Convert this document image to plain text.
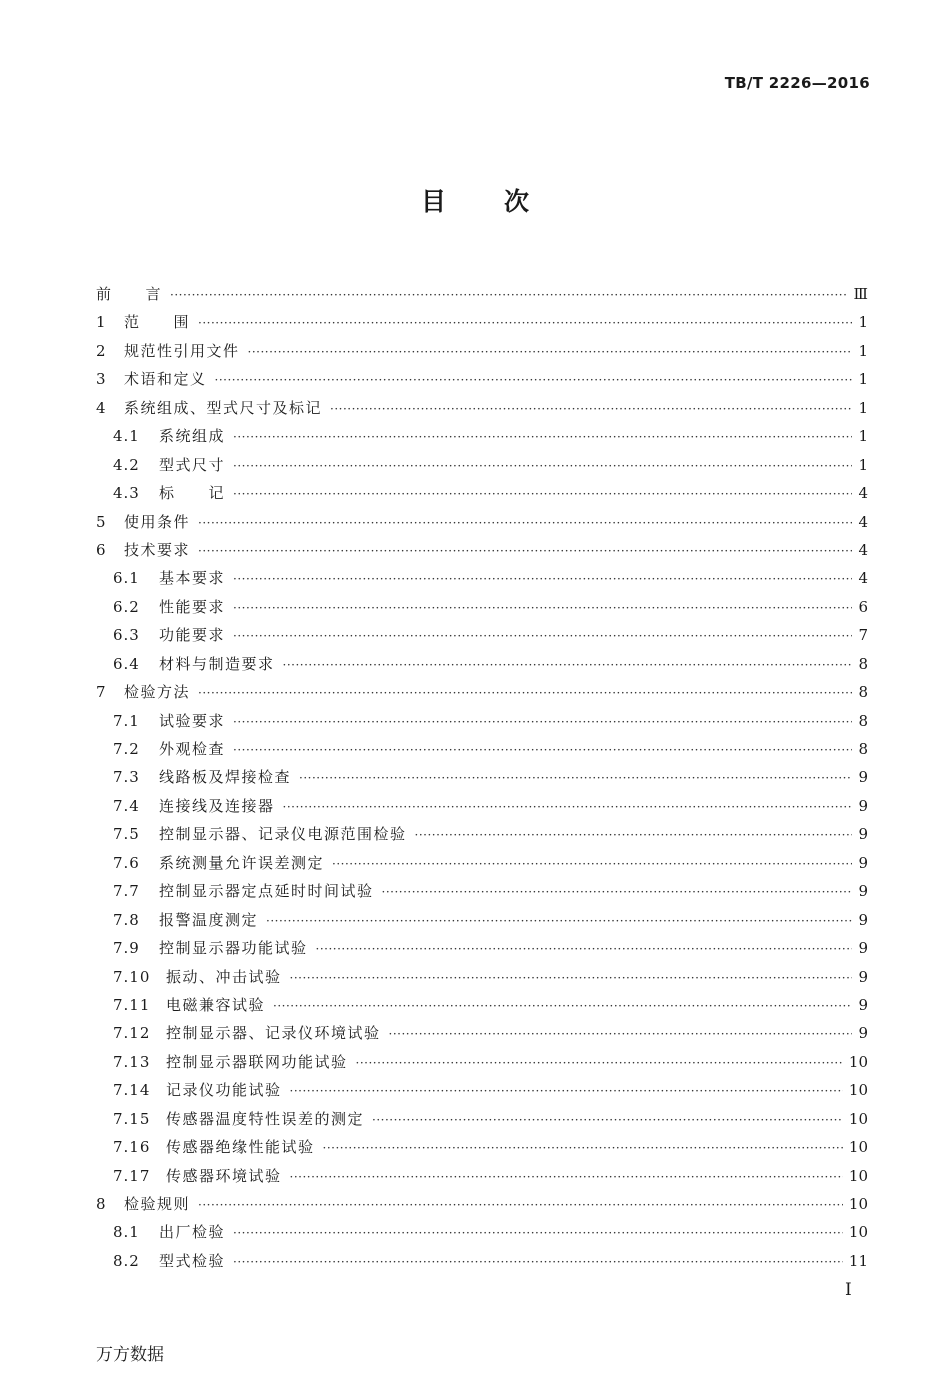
TB/T 2226—2016
目 次
前　　言 ·····	Ⅲ
1	范　　围 ·····	1
2	规范性引用文件 ·····	1
3	术语和定义 ·····	1
4	系统组成、型式尺寸及标记 ·····	1
4.1	系统组成 ·····	1
4.2	型式尺寸 ·····	1
4.3	标　　记 ·····	4
5	使用条件 ·····	4
6	技术要求 ·····	4
6.1	基本要求 ·····	4
6.2	性能要求 ·····	6
6.3	功能要求 ·····	7
6.4	材料与制造要求 ·····	8
7	检验方法 ·····	8
7.1	试验要求 ·····	8
7.2	外观检查 ·····	8
7.3	线路板及焊接检查 ·····	9
7.4	连接线及连接器 ·····	9
7.5	控制显示器、记录仪电源范围检验 ·····	9
7.6	系统测量允许误差测定 ·····	9
7.7	控制显示器定点延时时间试验 ·····	9
7.8	报警温度测定 ·····	9
7.9	控制显示器功能试验 ·····	9
7.10	振动、冲击试验 ·····	9
7.11	电磁兼容试验 ·····	9
7.12	控制显示器、记录仪环境试验 ·····	9
7.13	控制显示器联网功能试验 ·····	10
7.14	记录仪功能试验 ·····	10
7.15	传感器温度特性误差的测定 ·····	10
7.16	传感器绝缘性能试验 ·····	10
7.17	传感器环境试验 ·····	10
8	检验规则 ·····	10
8.1	出厂检验 ·····	10
8.2	型式检验 ·····	11
I
万方数据
